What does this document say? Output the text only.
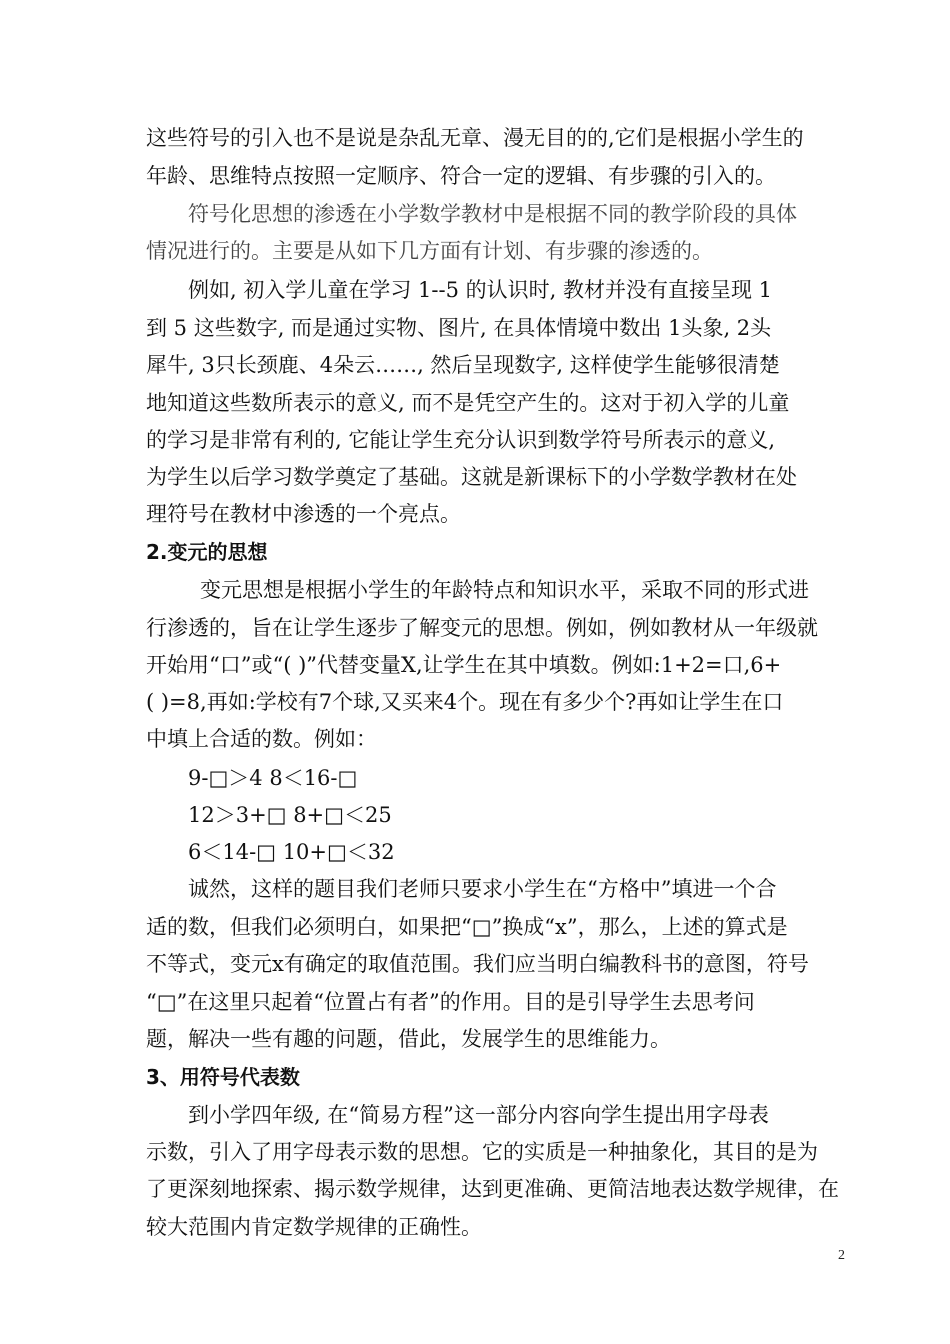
这些符号的引入也不是说是杂乱无章、漫无目的的,它们是根据小学生的
年龄、思维特点按照一定顺序、符合一定的逻辑、有步骤的引入的。
符号化思想的渗透在小学数学教材中是根据不同的教学阶段的具体
情况进行的。主要是从如下几方面有计划、有步骤的渗透的。
例如, 初入学儿童在学习 1--5 的认识时, 教材并没有直接呈现 1
到 5 这些数字, 而是通过实物、图片, 在具体情境中数出 1头象, 2头
犀牛, 3只长颈鹿、4朵云……, 然后呈现数字, 这样使学生能够很清楚
地知道这些数所表示的意义, 而不是凭空产生的。这对于初入学的儿童
的学习是非常有利的, 它能让学生充分认识到数学符号所表示的意义,
为学生以后学习数学奠定了基础。这就是新课标下的小学数学教材在处
理符号在教材中渗透的一个亮点。
2.变元的思想
变元思想是根据小学生的年龄特点和知识水平，采取不同的形式进
行渗透的，旨在让学生逐步了解变元的思想。例如，例如教材从一年级就
开始用“口”或“( )”代替变量X,让学生在其中填数。例如:1+2=口,6+
( )=8,再如:学校有7个球,又买来4个。现在有多少个?再如让学生在口
中填上合适的数。例如：
9-□＞4 8＜16-□
12＞3+□ 8+□＜25
6＜14-□ 10+□＜32
诚然，这样的题目我们老师只要求小学生在“方格中”填进一个合
适的数，但我们必须明白，如果把“□”换成“x”，那么，上述的算式是
不等式，变元x有确定的取值范围。我们应当明白编教科书的意图，符号
“□”在这里只起着“位置占有者”的作用。目的是引导学生去思考问
题，解决一些有趣的问题，借此，发展学生的思维能力。
3、用符号代表数
到小学四年级, 在“简易方程”这一部分内容向学生提出用字母表
示数，引入了用字母表示数的思想。它的实质是一种抽象化，其目的是为
了更深刻地探索、揭示数学规律，达到更准确、更简洁地表达数学规律，在
较大范围内肯定数学规律的正确性。
2
